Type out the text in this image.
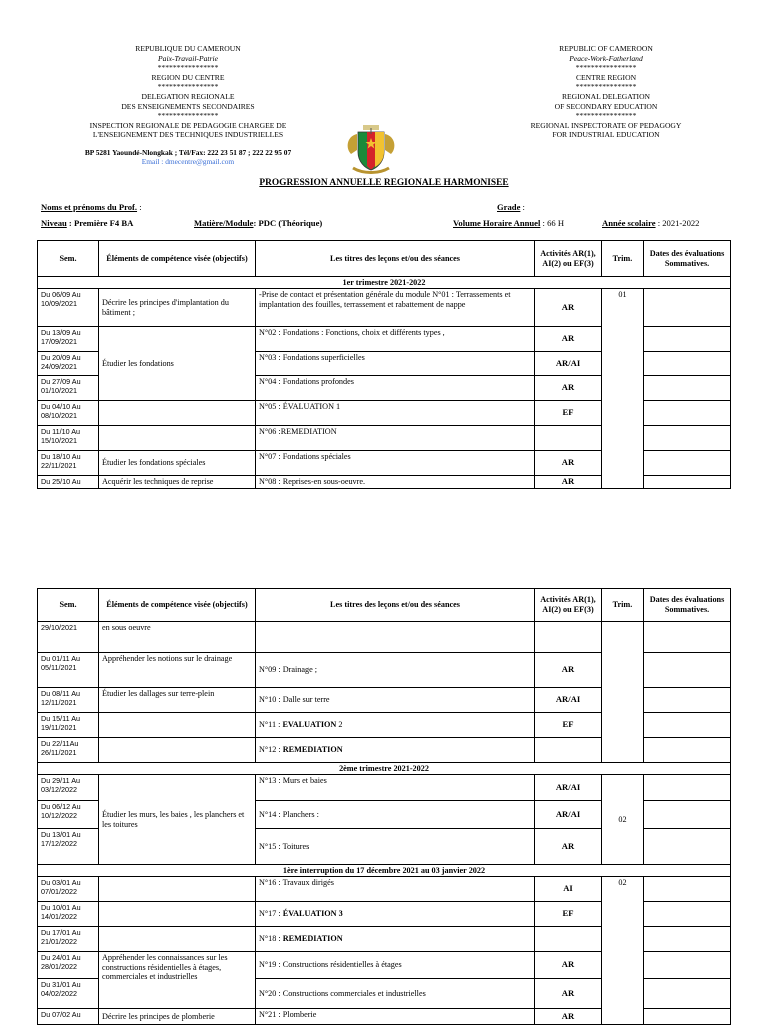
REPUBLIQUE DU CAMEROUN
Paix-Travail-Patrie
****************
REGION DU CENTRE
****************
DELEGATION REGIONALE
DES ENSEIGNEMENTS SECONDAIRES
****************
INSPECTION REGIONALE DE PEDAGOGIE CHARGEE DE
L'ENSEIGNEMENT DES TECHNIQUES INDUSTRIELLES
REPUBLIC OF CAMEROON
Peace-Work-Fatherland
****************
CENTRE REGION
****************
REGIONAL DELEGATION
OF SECONDARY EDUCATION
****************
REGIONAL INSPECTORATE OF PEDAGOGY
FOR INDUSTRIAL EDUCATION
BP 5281 Yaoundé-Nlongkak ; Tél/Fax: 222 23 51 87 ; 222 22 95 07
Email : dmecentre@gmail.com
PROGRESSION ANNUELLE REGIONALE HARMONISEE
Noms et prénoms du Prof. :	Grade :
Niveau : Première F4 BA	Matière/Module: PDC (Théorique)	Volume Horaire Annuel : 66 H	Année scolaire : 2021-2022
Sem.	Éléments de compétence visée (objectifs)	Les titres des leçons et/ou des séances	Activités AR(1), AI(2) ou EF(3)	Trim.	Dates des évaluations Sommatives.
1er trimestre 2021-2022					
Du 06/09 Au 10/09/2021	Décrire les principes d'implantation du bâtiment ;	-Prise de contact et présentation générale du module N°01 : Terrassements et implantation des fouilles, terrassement et rabattement de nappe	AR	01	
Du 13/09 Au 17/09/2021	Étudier les fondations	N°02 : Fondations : Fonctions, choix et différents types ,	AR		
Du 20/09 Au 24/09/2021		N°03 : Fondations superficielles	AR/AI		
Du 27/09 Au 01/10/2021		N°04 : Fondations profondes	AR		
Du 04/10 Au 08/10/2021		N°05 : ÉVALUATION 1	EF		
Du 11/10 Au 15/10/2021		N°06 :REMEDIATION			
Du 18/10 Au 22/11/2021	Étudier les fondations spéciales	N°07 : Fondations spéciales	AR		
Du 25/10 Au	Acquérir les techniques de reprise	N°08 : Reprises-en sous-oeuvre.	AR		
Sem.	Éléments de compétence visée (objectifs)	Les titres des leçons et/ou des séances	Activités AR(1), AI(2) ou EF(3)	Trim.	Dates des évaluations Sommatives.
29/10/2021	en sous oeuvre				
Du 01/11 Au 05/11/2021	Appréhender les notions sur le drainage	N°09 : Drainage ;	AR		
Du 08/11 Au 12/11/2021	Étudier les dallages sur terre-plein	N°10 : Dalle sur terre	AR/AI		
Du 15/11 Au 19/11/2021		N°11 : EVALUATION 2	EF		
Du 22/11Au 26/11/2021		N°12 : REMEDIATION			
2ème trimestre 2021-2022					
Du 29/11 Au 03/12/2022	Étudier les murs, les baies , les planchers et les toitures	N°13 : Murs et baies	AR/AI	02	
Du 06/12 Au 10/12/2022		N°14 : Planchers :	AR/AI		
Du 13/01 Au 17/12/2022		N°15 : Toitures	AR		
1ère interruption du 17 décembre 2021 au 03 janvier 2022					
Du 03/01 Au 07/01/2022		N°16 : Travaux dirigés	AI	02	
Du 10/01 Au 14/01/2022		N°17 : ÉVALUATION 3	EF		
Du 17/01 Au 21/01/2022		N°18 : REMEDIATION			
Du 24/01 Au 28/01/2022	Appréhender les connaissances sur les constructions résidentielles à étages, commerciales et industrielles	N°19 : Constructions résidentielles à étages	AR		
Du 31/01 Au 04/02/2022		N°20 : Constructions commerciales et industrielles	AR		
Du 07/02 Au	Décrire les principes de plomberie	N°21 : Plomberie	AR		
